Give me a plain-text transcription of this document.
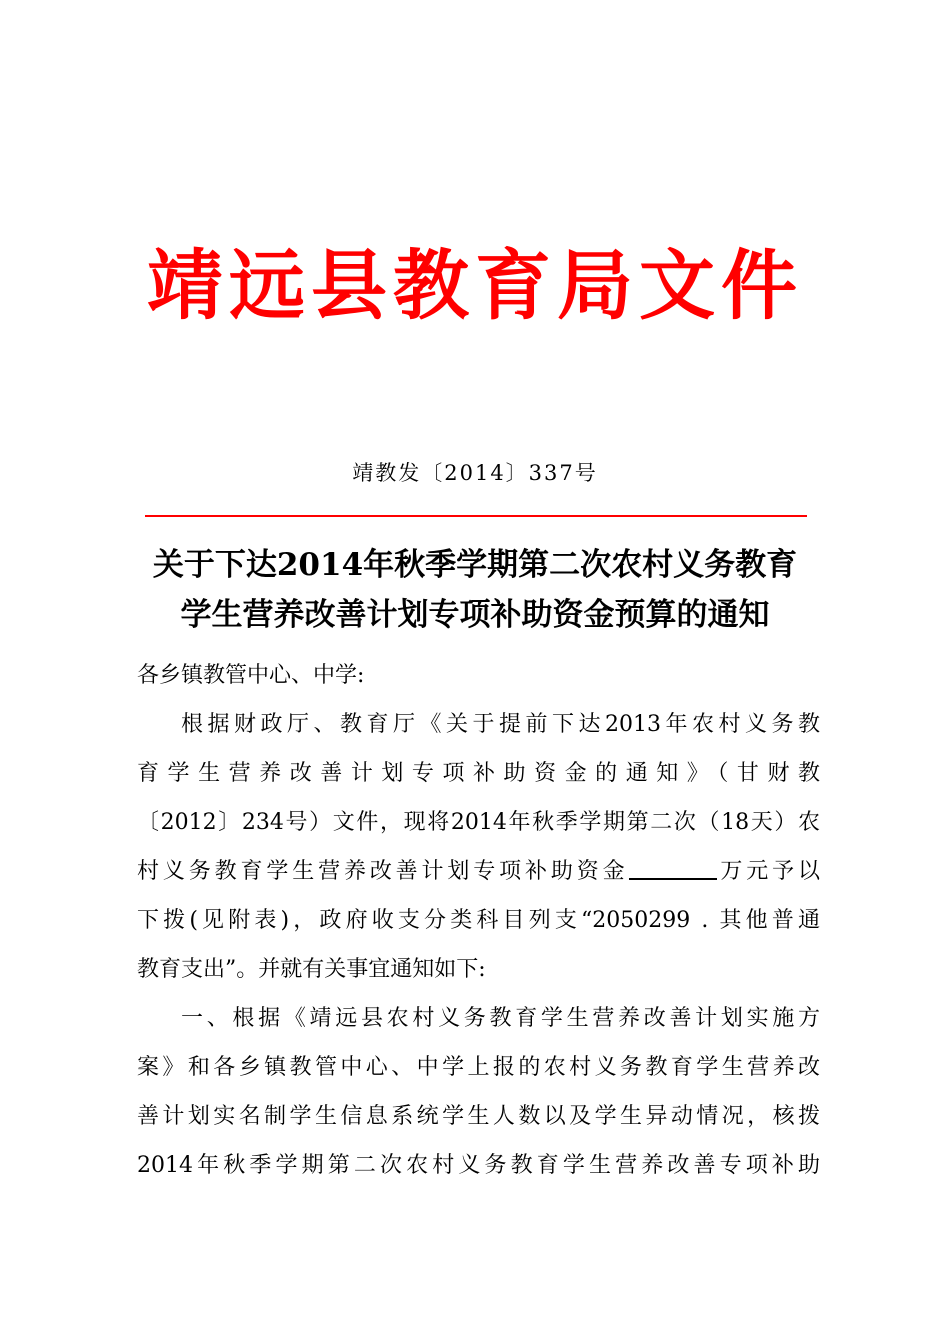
靖远县教育局文件
靖教发〔2014〕337号
关于下达2014年秋季学期第二次农村义务教育
学生营养改善计划专项补助资金预算的通知
各乡镇教管中心、中学:
根据财政厅、教育厅《关于提前下达2013年农村义务教
育学生营养改善计划专项补助资金的通知》（甘财教
〔2012〕234号）文件，现将2014年秋季学期第二次（18天）农
村义务教育学生营养改善计划专项补助资金	万元予以
下拨(见附表)，政府收支分类科目列支“2050299 . 其他普通
教育支出”。并就有关事宜通知如下:
一、根据《靖远县农村义务教育学生营养改善计划实施方
案》和各乡镇教管中心、中学上报的农村义务教育学生营养改
善计划实名制学生信息系统学生人数以及学生异动情况，核拨
2014年秋季学期第二次农村义务教育学生营养改善专项补助
